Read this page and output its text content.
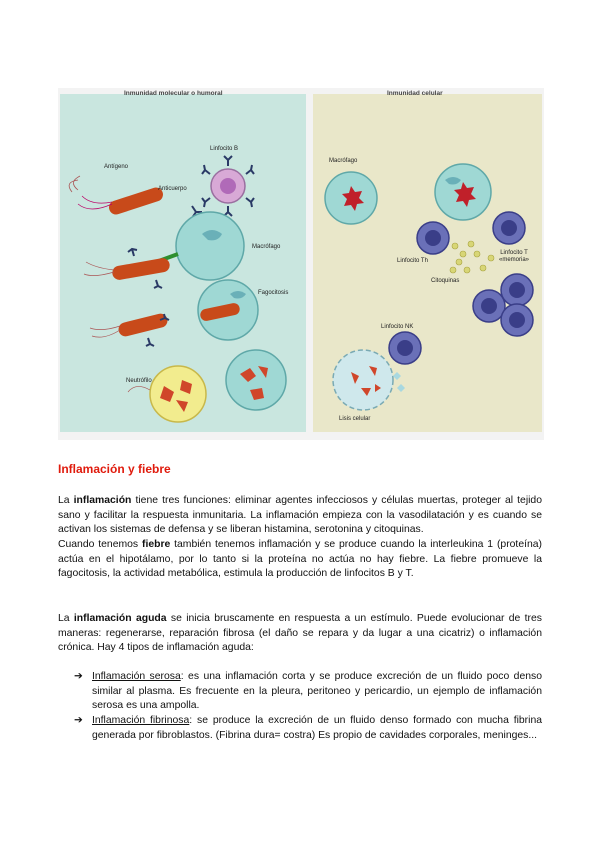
Inmunidad molecular o humoral
Antígeno
Linfocito B
Anticuerpo
Macrófago
Fagocitosis
Neutrófilo
Inmunidad celular
Macrófago
Linfocito Th
Linfocito T «memoria»
Citoquinas
Linfocito NK
Lisis celular
Inflamación y fiebre

La inflamación tiene tres funciones: eliminar agentes infecciosos y células muertas, proteger al tejido sano y facilitar la respuesta inmunitaria. La inflamación empieza con la vasodilatación y es cuando se activan los sistemas de defensa y se liberan histamina, serotonina y citoquinas.

Cuando tenemos fiebre también tenemos inflamación y se produce cuando la interleukina 1 (proteína) actúa en el hipotálamo, por lo tanto si la proteína no actúa no hay fiebre. La fiebre promueve la fagocitosis, la actividad metabólica, estimula la producción de linfocitos B y T.

La inflamación aguda se inicia bruscamente en respuesta a un estímulo. Puede evolucionar de tres maneras: regenerarse, reparación fibrosa (el daño se repara y da lugar a una cicatriz) o inflamación crónica. Hay 4 tipos de inflamación aguda:

➔ Inflamación serosa: es una inflamación corta y se produce excreción de un fluido poco denso similar al plasma. Es frecuente en la pleura, peritoneo y pericardio, un ejemplo de inflamación serosa es una ampolla.
➔ Inflamación fibrinosa: se produce la excreción de un fluido denso formado con mucha fibrina generada por fibroblastos. (Fibrina dura= costra) Es propio de cavidades corporales, meninges...
